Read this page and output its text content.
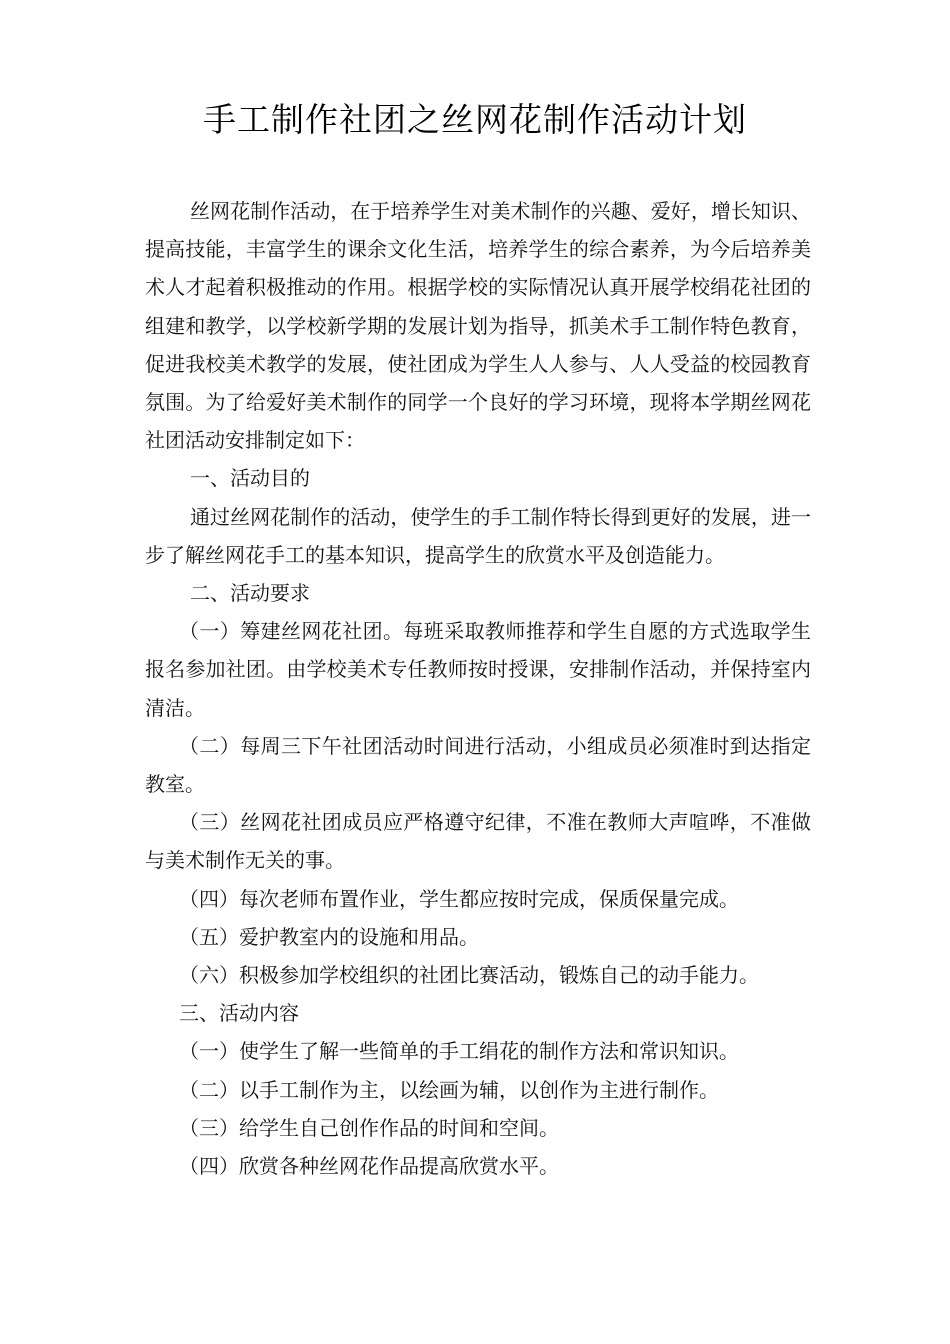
手工制作社团之丝网花制作活动计划

丝网花制作活动，在于培养学生对美术制作的兴趣、爱好，增长知识、提高技能，丰富学生的课余文化生活，培养学生的综合素养，为今后培养美术人才起着积极推动的作用。根据学校的实际情况认真开展学校绢花社团的组建和教学，以学校新学期的发展计划为指导，抓美术手工制作特色教育，促进我校美术教学的发展，使社团成为学生人人参与、人人受益的校园教育氛围。为了给爱好美术制作的同学一个良好的学习环境，现将本学期丝网花社团活动安排制定如下：

一、活动目的

通过丝网花制作的活动，使学生的手工制作特长得到更好的发展，进一步了解丝网花手工的基本知识，提高学生的欣赏水平及创造能力。

二、活动要求

（一）筹建丝网花社团。每班采取教师推荐和学生自愿的方式选取学生报名参加社团。由学校美术专任教师按时授课，安排制作活动，并保持室内清洁。

（二）每周三下午社团活动时间进行活动，小组成员必须准时到达指定教室。

（三）丝网花社团成员应严格遵守纪律，不准在教师大声喧哗，不准做与美术制作无关的事。

（四）每次老师布置作业，学生都应按时完成，保质保量完成。

（五）爱护教室内的设施和用品。

（六）积极参加学校组织的社团比赛活动，锻炼自己的动手能力。

三、活动内容

（一）使学生了解一些简单的手工绢花的制作方法和常识知识。

（二）以手工制作为主，以绘画为辅，以创作为主进行制作。

（三）给学生自己创作作品的时间和空间。

（四）欣赏各种丝网花作品提高欣赏水平。
